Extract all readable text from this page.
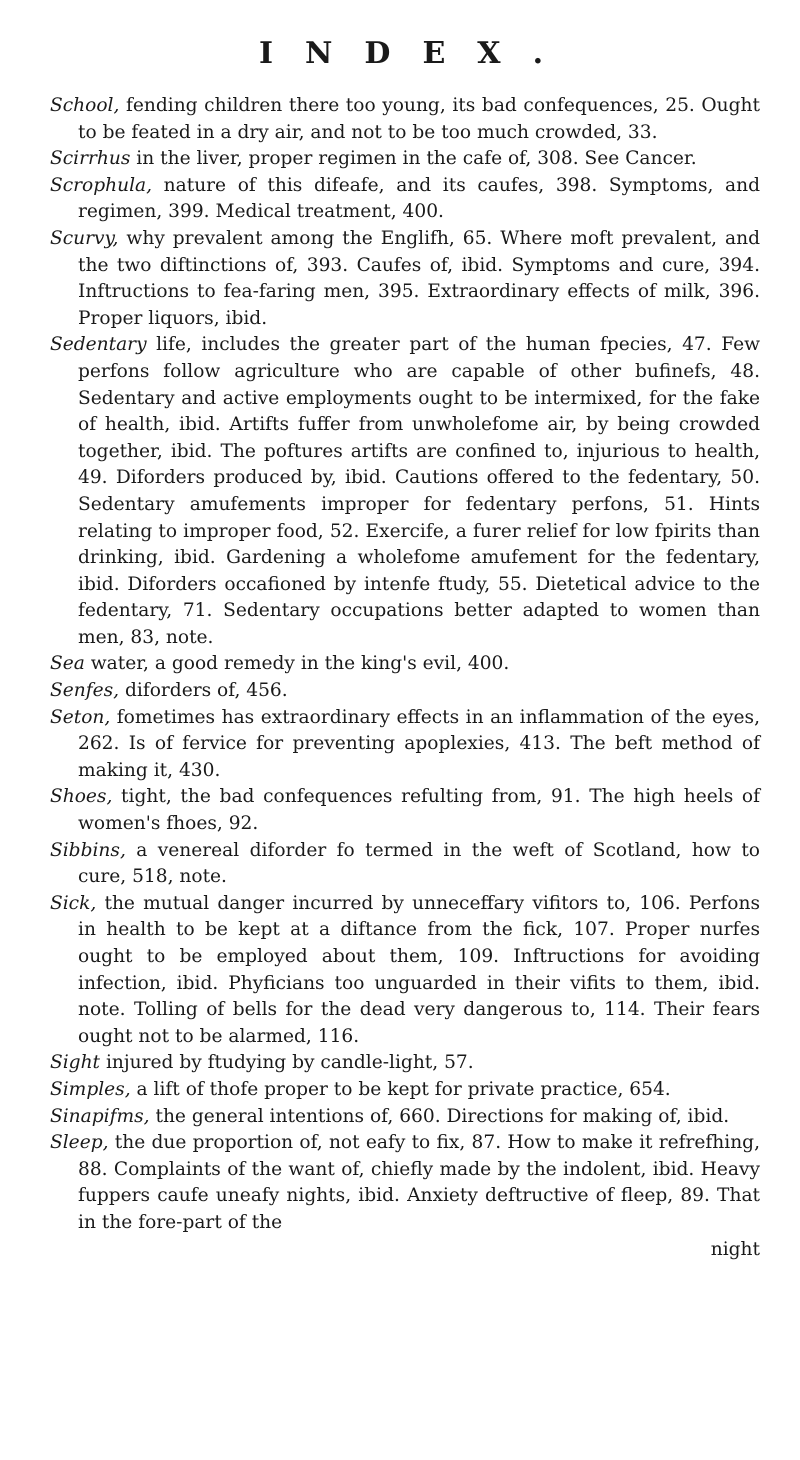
INDEX.

School, fending children there too young, its bad confequences, 25. Ought to be feated in a dry air, and not to be too much crowded, 33.

Scirrhus in the liver, proper regimen in the cafe of, 308. See Cancer.

Scrophula, nature of this difeafe, and its caufes, 398. Symptoms, and regimen, 399. Medical treatment, 400.

Scurvy, why prevalent among the Englifh, 65. Where moft prevalent, and the two diftinctions of, 393. Caufes of, ibid. Symptoms and cure, 394. Inftructions to fea-faring men, 395. Extraordinary effects of milk, 396. Proper liquors, ibid.

Sedentary life, includes the greater part of the human fpecies, 47. Few perfons follow agriculture who are capable of other bufinefs, 48. Sedentary and active employments ought to be intermixed, for the fake of health, ibid. Artifts fuffer from unwholefome air, by being crowded together, ibid. The poftures artifts are confined to, injurious to health, 49. Diforders produced by, ibid. Cautions offered to the fedentary, 50. Sedentary amufements improper for fedentary perfons, 51. Hints relating to improper food, 52. Exercife, a furer relief for low fpirits than drinking, ibid. Gardening a wholefome amufement for the fedentary, ibid. Diforders occafioned by intenfe ftudy, 55. Dietetical advice to the fedentary, 71. Sedentary occupations better adapted to women than men, 83, note.

Sea water, a good remedy in the king's evil, 400.

Senfes, diforders of, 456.

Seton, fometimes has extraordinary effects in an inflammation of the eyes, 262. Is of fervice for preventing apoplexies, 413. The beft method of making it, 430.

Shoes, tight, the bad confequences refulting from, 91. The high heels of women's fhoes, 92.

Sibbins, a venereal diforder fo termed in the weft of Scotland, how to cure, 518, note.

Sick, the mutual danger incurred by unneceffary vifitors to, 106. Perfons in health to be kept at a diftance from the fick, 107. Proper nurfes ought to be employed about them, 109. Inftructions for avoiding infection, ibid. Phyficians too unguarded in their vifits to them, ibid. note. Tolling of bells for the dead very dangerous to, 114. Their fears ought not to be alarmed, 116.

Sight injured by ftudying by candle-light, 57.

Simples, a lift of thofe proper to be kept for private practice, 654.

Sinapifms, the general intentions of, 660. Directions for making of, ibid.

Sleep, the due proportion of, not eafy to fix, 87. How to make it refrefhing, 88. Complaints of the want of, chiefly made by the indolent, ibid. Heavy fuppers caufe uneafy nights, ibid. Anxiety deftructive of fleep, 89. That in the fore-part of the

night
